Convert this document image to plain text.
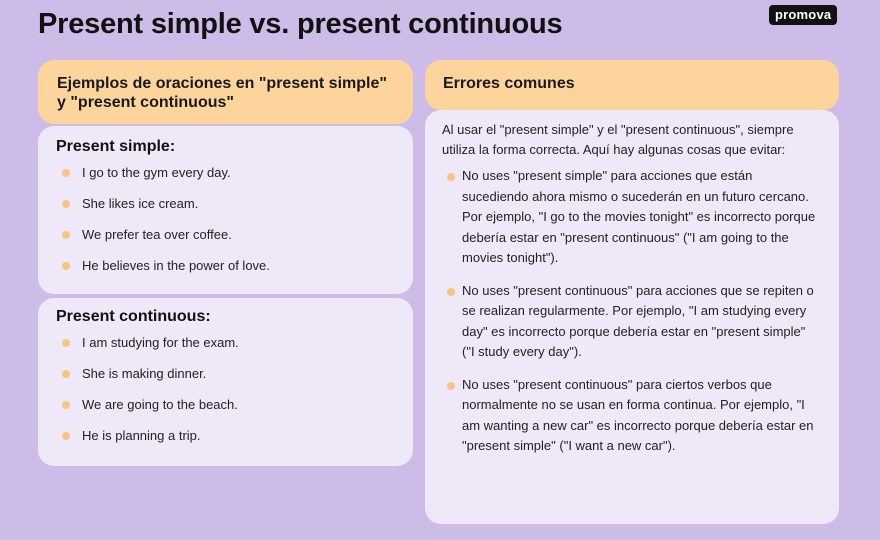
Present simple vs. present continuous	promova
Ejemplos de oraciones en "present simple" y "present continuous"
Present simple:
I go to the gym every day.
She likes ice cream.
We prefer tea over coffee.
He believes in the power of love.
Present continuous:
I am studying for the exam.
She is making dinner.
We are going to the beach.
He is planning a trip.
Errores comunes

Al usar el "present simple" y el "present continuous", siempre utiliza la forma correcta. Aquí hay algunas cosas que evitar:

No uses "present simple" para acciones que están sucediendo ahora mismo o sucederán en un futuro cercano. Por ejemplo, "I go to the movies tonight" es incorrecto porque debería estar en "present continuous" ("I am going to the movies tonight").
No uses "present continuous" para acciones que se repiten o se realizan regularmente. Por ejemplo, "I am studying every day" es incorrecto porque debería estar en "present simple" ("I study every day").
No uses "present continuous" para ciertos verbos que normalmente no se usan en forma continua. Por ejemplo, "I am wanting a new car" es incorrecto porque debería estar en "present simple" ("I want a new car").
